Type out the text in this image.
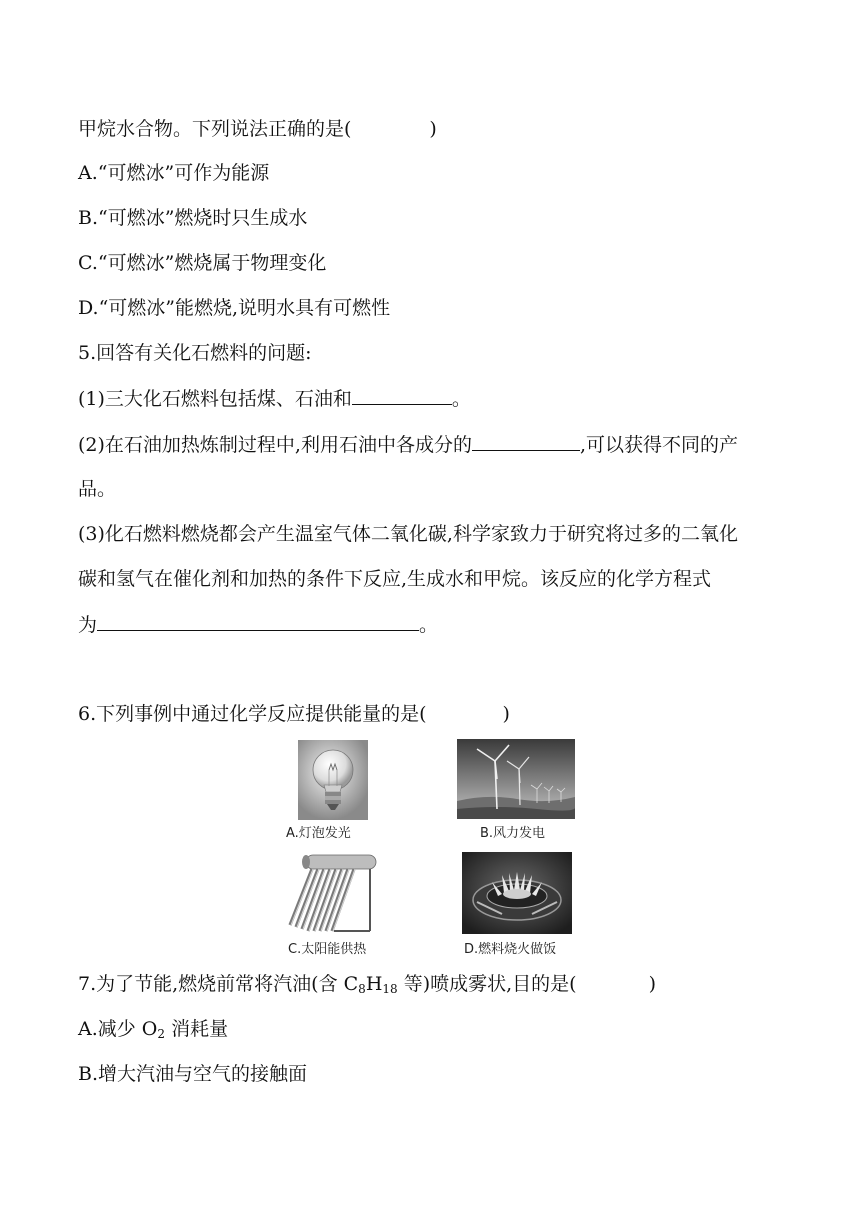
甲烷水合物。下列说法正确的是(	)
A.“可燃冰”可作为能源
B.“可燃冰”燃烧时只生成水
C.“可燃冰”燃烧属于物理变化
D.“可燃冰”能燃烧,说明水具有可燃性
5.回答有关化石燃料的问题:
(1)三大化石燃料包括煤、石油和	。
(2)在石油加热炼制过程中,利用石油中各成分的	,可以获得不同的产
品。
(3)化石燃料燃烧都会产生温室气体二氧化碳,科学家致力于研究将过多的二氧化
碳和氢气在催化剂和加热的条件下反应,生成水和甲烷。该反应的化学方程式
为	。
6.下列事例中通过化学反应提供能量的是(	)
A.灯泡发光	B.风力发电
C.太阳能供热	D.燃料烧火做饭
7.为了节能,燃烧前常将汽油(含 $C_8H_{18}$ 等)喷成雾状,目的是(	)
A.减少 $O_2$ 消耗量
B.增大汽油与空气的接触面
